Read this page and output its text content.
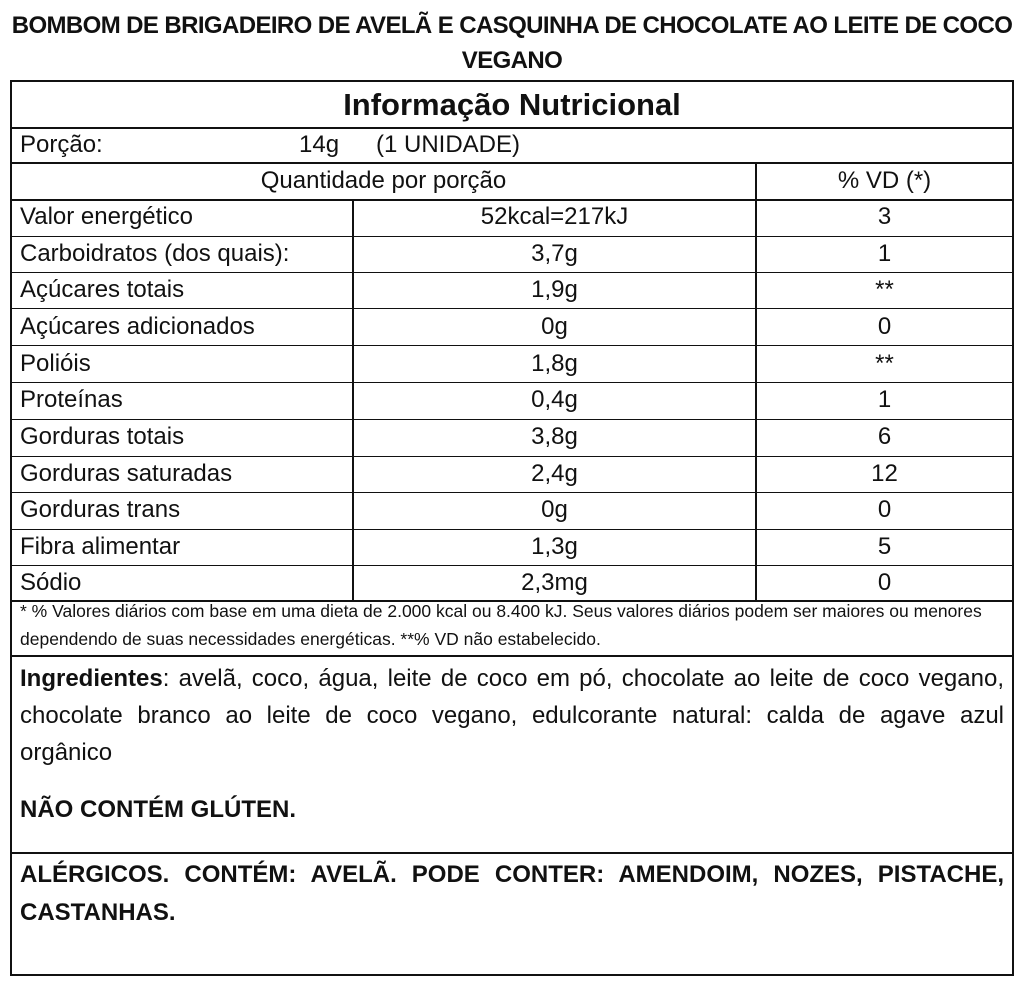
BOMBOM DE BRIGADEIRO DE AVELÃ E CASQUINHA DE CHOCOLATE AO LEITE DE COCO VEGANO
Informação Nutricional
Porção:	14g (1 UNIDADE)
Quantidade por porção	% VD (*)
Valor energético	52kcal=217kJ	3
Carboidratos (dos quais):	3,7g	1
Açúcares totais	1,9g	**
Açúcares adicionados	0g	0
Polióis	1,8g	**
Proteínas	0,4g	1
Gorduras totais	3,8g	6
Gorduras saturadas	2,4g	12
Gorduras trans	0g	0
Fibra alimentar	1,3g	5
Sódio	2,3mg	0
* % Valores diários com base em uma dieta de 2.000 kcal ou 8.400 kJ. Seus valores diários podem ser maiores ou menores dependendo de suas necessidades energéticas. **% VD não estabelecido.
Ingredientes: avelã, coco, água, leite de coco em pó, chocolate ao leite de coco vegano, chocolate branco ao leite de coco vegano, edulcorante natural: calda de agave azul orgânico
NÃO CONTÉM GLÚTEN.
ALÉRGICOS. CONTÉM: AVELÃ. PODE CONTER: AMENDOIM, NOZES, PISTACHE, CASTANHAS.
